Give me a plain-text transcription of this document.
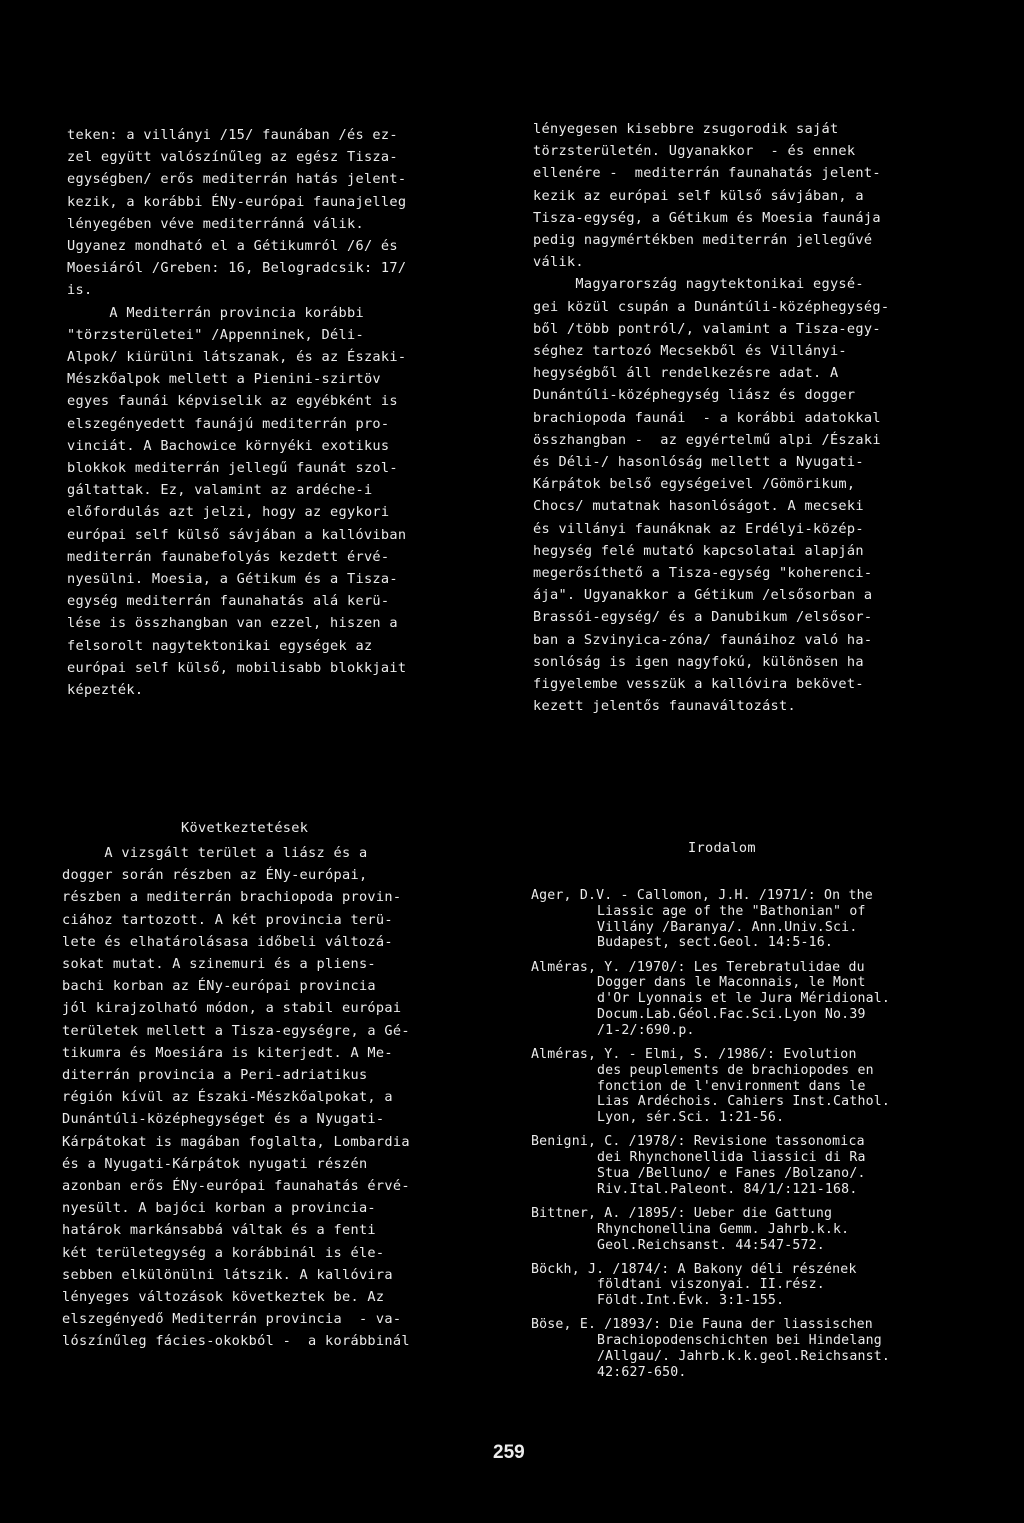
teken: a villányi /15/ faunában /és ez-

zel együtt valószínűleg az egész Tisza-

egységben/ erős mediterrán hatás jelent-

kezik, a korábbi ÉNy-európai faunajelleg

lényegében véve mediterránná válik.

Ugyanez mondható el a Gétikumról /6/ és

Moesiáról /Greben: 16, Belogradcsik: 17/

is.

A Mediterrán provincia korábbi

"törzsterületei" /Appenninek, Déli-

Alpok/ kiürülni látszanak, és az Északi-

Mészkőalpok mellett a Pienini-szirtöv

egyes faunái képviselik az egyébként is

elszegényedett faunájú mediterrán pro-

vinciát. A Bachowice környéki exotikus

blokkok mediterrán jellegű faunát szol-

gáltattak. Ez, valamint az ardéche-i

előfordulás azt jelzi, hogy az egykori

európai self külső sávjában a kallóviban

mediterrán faunabefolyás kezdett érvé-

nyesülni. Moesia, a Gétikum és a Tisza-

egység mediterrán faunahatás alá kerü-

lése is összhangban van ezzel, hiszen a

felsorolt nagytektonikai egységek az

európai self külső, mobilisabb blokkjait

képezték.

lényegesen kisebbre zsugorodik saját

törzsterületén. Ugyanakkor  - és ennek

ellenére -  mediterrán faunahatás jelent-

kezik az európai self külső sávjában, a

Tisza-egység, a Gétikum és Moesia faunája

pedig nagymértékben mediterrán jellegűvé

válik.

Magyarország nagytektonikai egysé-

gei közül csupán a Dunántúli-középhegység-

ből /több pontról/, valamint a Tisza-egy-

séghez tartozó Mecsekből és Villányi-

hegységből áll rendelkezésre adat. A

Dunántúli-középhegység liász és dogger

brachiopoda faunái  - a korábbi adatokkal

összhangban -  az egyértelmű alpi /Északi

és Déli-/ hasonlóság mellett a Nyugati-

Kárpátok belső egységeivel /Gömörikum,

Chocs/ mutatnak hasonlóságot. A mecseki

és villányi faunáknak az Erdélyi-közép-

hegység felé mutató kapcsolatai alapján

megerősíthető a Tisza-egység "koherenci-

ája". Ugyanakkor a Gétikum /elsősorban a

Brassói-egység/ és a Danubikum /elsősor-

ban a Szvinyica-zóna/ faunáihoz való ha-

sonlóság is igen nagyfokú, különösen ha

figyelembe vesszük a kallóvira bekövet-

kezett jelentős faunaváltozást.

Következtetések

A vizsgált terület a liász és a

dogger során részben az ÉNy-európai,

részben a mediterrán brachiopoda provin-

ciához tartozott. A két provincia terü-

lete és elhatárolásasa időbeli változá-

sokat mutat. A szinemuri és a pliens-

bachi korban az ÉNy-európai provincia

jól kirajzolható módon, a stabil európai

területek mellett a Tisza-egységre, a Gé-

tikumra és Moesiára is kiterjedt. A Me-

diterrán provincia a Peri-adriatikus

régión kívül az Északi-Mészkőalpokat, a

Dunántúli-középhegységet és a Nyugati-

Kárpátokat is magában foglalta, Lombardia

és a Nyugati-Kárpátok nyugati részén

azonban erős ÉNy-európai faunahatás érvé-

nyesült. A bajóci korban a provincia-

határok markánsabbá váltak és a fenti

két területegység a korábbinál is éle-

sebben elkülönülni látszik. A kallóvira

lényeges változások következtek be. Az

elszegényedő Mediterrán provincia  - va-

lószínűleg fácies-okokból -  a korábbinál

Irodalom
Ager, D.V. - Callomon, J.H. /1971/: On the
Liassic age of the "Bathonian" of
Villány /Baranya/. Ann.Univ.Sci.
Budapest, sect.Geol. 14:5-16.
Alméras, Y. /1970/: Les Terebratulidae du
Dogger dans le Maconnais, le Mont
d'Or Lyonnais et le Jura Méridional.
Docum.Lab.Géol.Fac.Sci.Lyon No.39
/1-2/:690.p.
Alméras, Y. - Elmi, S. /1986/: Evolution
des peuplements de brachiopodes en
fonction de l'environment dans le
Lias Ardéchois. Cahiers Inst.Cathol.
Lyon, sér.Sci. 1:21-56.
Benigni, C. /1978/: Revisione tassonomica
dei Rhynchonellida liassici di Ra
Stua /Belluno/ e Fanes /Bolzano/.
Riv.Ital.Paleont. 84/1/:121-168.
Bittner, A. /1895/: Ueber die Gattung
Rhynchonellina Gemm. Jahrb.k.k.
Geol.Reichsanst. 44:547-572.
Böckh, J. /1874/: A Bakony déli részének
földtani viszonyai. II.rész.
Földt.Int.Évk. 3:1-155.
Böse, E. /1893/: Die Fauna der liassischen
Brachiopodenschichten bei Hindelang
/Allgau/. Jahrb.k.k.geol.Reichsanst.
42:627-650.
259
